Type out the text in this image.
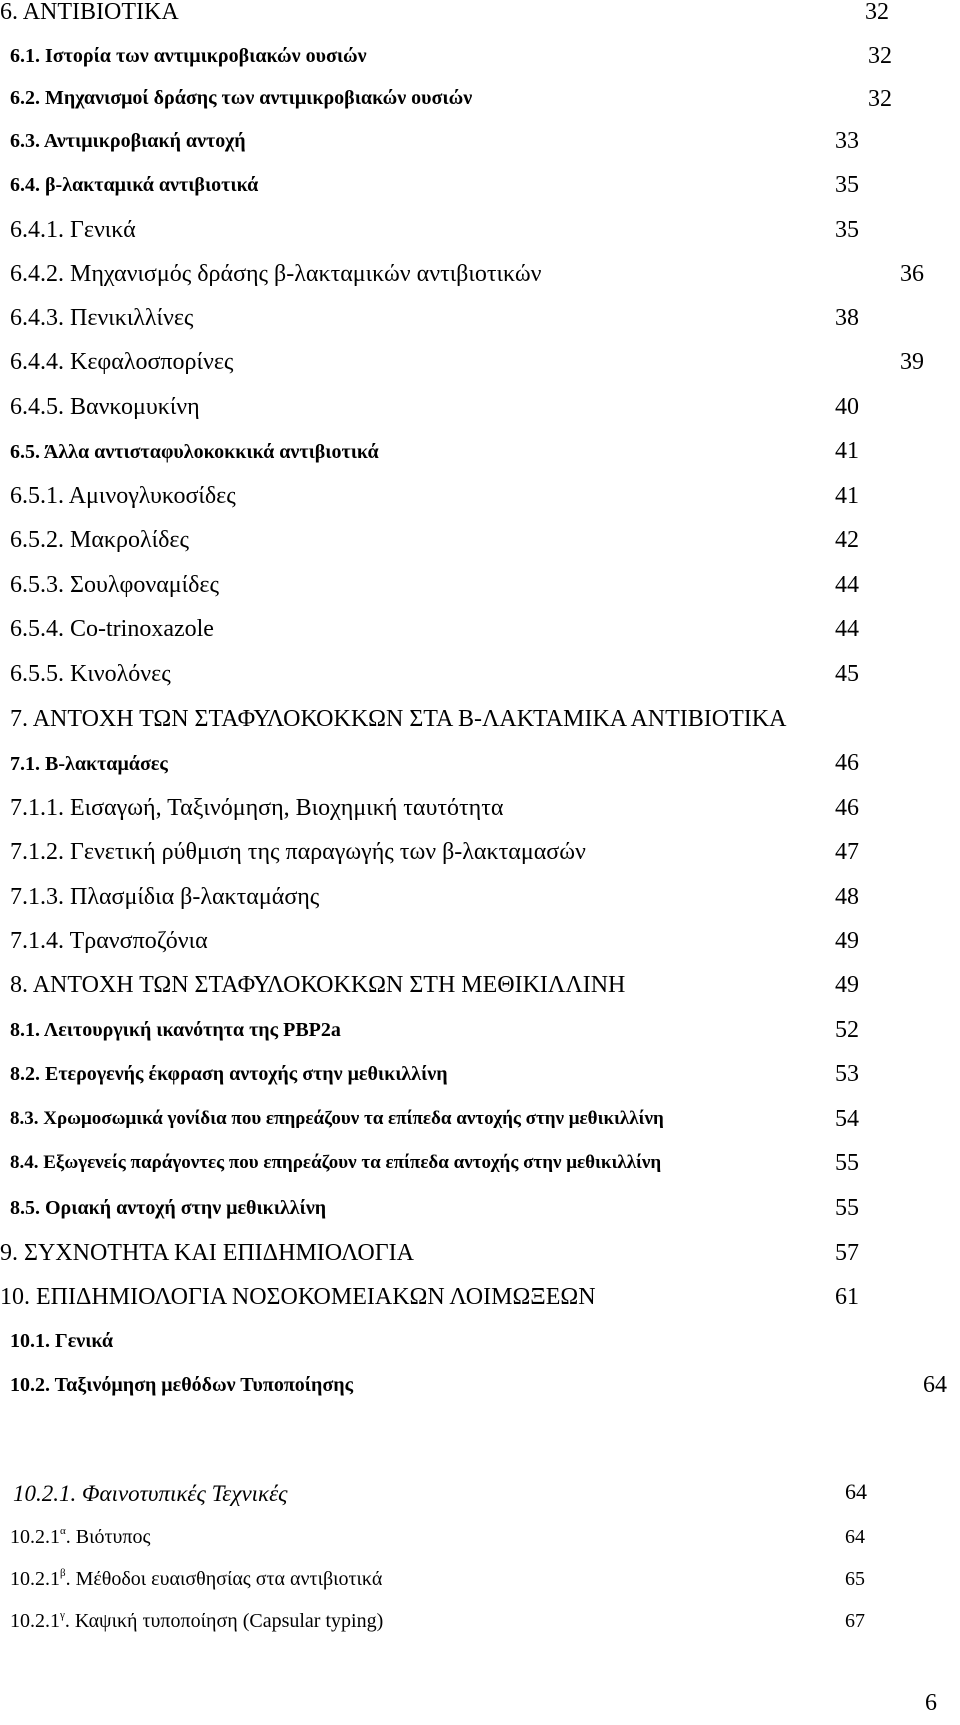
6. ΑΝΤΙΒΙΟΤΙΚΑ	32
6.1. Ιστορία των αντιμικροβιακών ουσιών	32
6.2. Μηχανισμοί δράσης των αντιμικροβιακών ουσιών	32
6.3. Αντιμικροβιακή αντοχή	33
6.4. β-λακταμικά αντιβιοτικά	35
6.4.1. Γενικά	35
6.4.2. Μηχανισμός δράσης β-λακταμικών αντιβιοτικών	36
6.4.3. Πενικιλλίνες	38
6.4.4. Κεφαλοσπορίνες	39
6.4.5. Βανκομυκίνη	40
6.5. Άλλα αντισταφυλοκοκκικά αντιβιοτικά	41
6.5.1. Αμινογλυκοσίδες	41
6.5.2. Μακρολίδες	42
6.5.3. Σουλφοναμίδες	44
6.5.4. Co-trinoxazole	44
6.5.5. Κινολόνες	45
7. ΑΝΤΟΧΗ ΤΩΝ ΣΤΑΦΥΛΟΚΟΚΚΩΝ ΣΤΑ Β-ΛΑΚΤΑΜΙΚΑ ΑΝΤΙΒΙΟΤΙΚΑ
7.1. Β-λακταμάσες	46
7.1.1. Εισαγωή, Ταξινόμηση, Βιοχημική ταυτότητα	46
7.1.2. Γενετική ρύθμιση της παραγωγής των β-λακταμασών	47
7.1.3. Πλασμίδια β-λακταμάσης	48
7.1.4. Τρανσποζόνια	49
8. ΑΝΤΟΧΗ ΤΩΝ ΣΤΑΦΥΛΟΚΟΚΚΩΝ ΣΤΗ ΜΕΘΙΚΙΛΛΙΝΗ	49
8.1. Λειτουργική ικανότητα της PBP2a	52
8.2. Ετερογενής έκφραση αντοχής στην μεθικιλλίνη	53
8.3. Χρωμοσωμικά γονίδια που επηρεάζουν τα επίπεδα αντοχής στην μεθικιλλίνη	54
8.4. Εξωγενείς παράγοντες που επηρεάζουν τα επίπεδα αντοχής στην μεθικιλλίνη	55
8.5. Οριακή αντοχή στην μεθικιλλίνη	55
9. ΣΥΧΝΟΤΗΤΑ ΚΑΙ ΕΠΙΔΗΜΙΟΛΟΓΙΑ	57
10. ΕΠΙΔΗΜΙΟΛΟΓΙΑ ΝΟΣΟΚΟΜΕΙΑΚΩΝ ΛΟΙΜΩΞΕΩΝ	61
10.1. Γενικά
10.2. Ταξινόμηση μεθόδων Τυποποίησης	64
10.2.1. Φαινοτυπικές Τεχνικές	64
$10.2.1^\alpha$. Βιότυπος	64
$10.2.1^\beta$. Μέθοδοι ευαισθησίας στα αντιβιοτικά	65
$10.2.1^\gamma$. Καψική τυποποίηση (Capsular typing)	67
6
